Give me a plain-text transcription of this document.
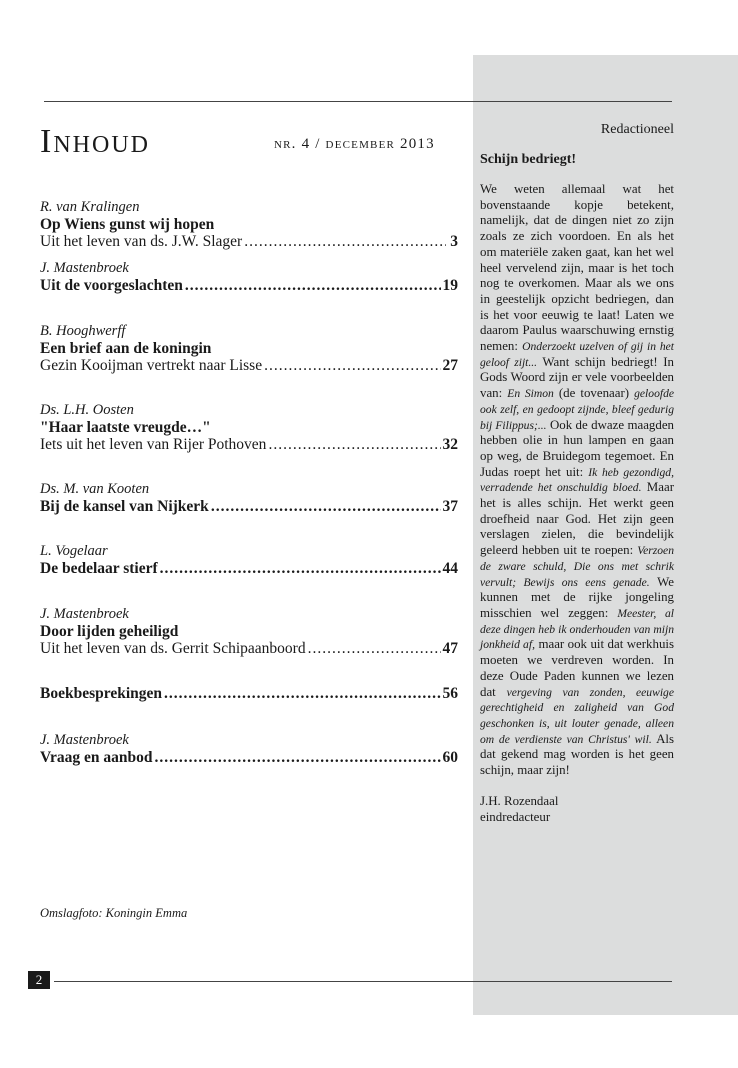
Inhoud	nr. 4 / december 2013
R. van Kralingen
Op Wiens gunst wij hopen
Uit het leven van ds. J.W. Slager .....	3
J. Mastenbroek
Uit de voorgeslachten .....	19
B. Hooghwerff
Een brief aan de koningin
Gezin Kooijman vertrekt naar Lisse .....	27
Ds. L.H. Oosten
"Haar laatste vreugde…"
Iets uit het leven van Rijer Pothoven .....	32
Ds. M. van Kooten
Bij de kansel van Nijkerk .....	37
L. Vogelaar
De bedelaar stierf .....	44
J. Mastenbroek
Door lijden geheiligd
Uit het leven van ds. Gerrit Schipaanboord .....	47
Boekbesprekingen .....	56
J. Mastenbroek
Vraag en aanbod .....	60
Omslagfoto: Koningin Emma
Redactioneel
Schijn bedriegt!
We weten allemaal wat het bovenstaande kopje betekent, namelijk, dat de dingen niet zo zijn zoals ze zich voordoen. En als het om materiële zaken gaat, kan het wel heel vervelend zijn, maar is het toch nog te overkomen. Maar als we ons in geestelijk opzicht bedriegen, dan is het voor eeuwig te laat! Laten we daarom Paulus waarschuwing ernstig nemen: Onderzoekt uzelven of gij in het geloof zijt... Want schijn bedriegt! In Gods Woord zijn er vele voorbeelden van: En Simon (de tovenaar) geloofde ook zelf, en gedoopt zijnde, bleef gedurig bij Filippus;... Ook de dwaze maagden hebben olie in hun lampen en gaan op weg, de Bruidegom tegemoet. En Judas roept het uit: Ik heb gezondigd, verradende het onschuldig bloed. Maar het is alles schijn. Het werkt geen droefheid naar God. Het zijn geen verslagen zielen, die bevindelijk geleerd hebben uit te roepen: Verzoen de zware schuld, Die ons met schrik vervult; Bewijs ons eens genade. We kunnen met de rijke jongeling misschien wel zeggen: Meester, al deze dingen heb ik onderhouden van mijn jonkheid af, maar ook uit dat werkhuis moeten we verdreven worden. In deze Oude Paden kunnen we lezen dat vergeving van zonden, eeuwige gerechtigheid en zaligheid van God geschonken is, uit louter genade, alleen om de verdienste van Christus' wil. Als dat gekend mag worden is het geen schijn, maar zijn!
J.H. Rozendaal
eindredacteur
2
